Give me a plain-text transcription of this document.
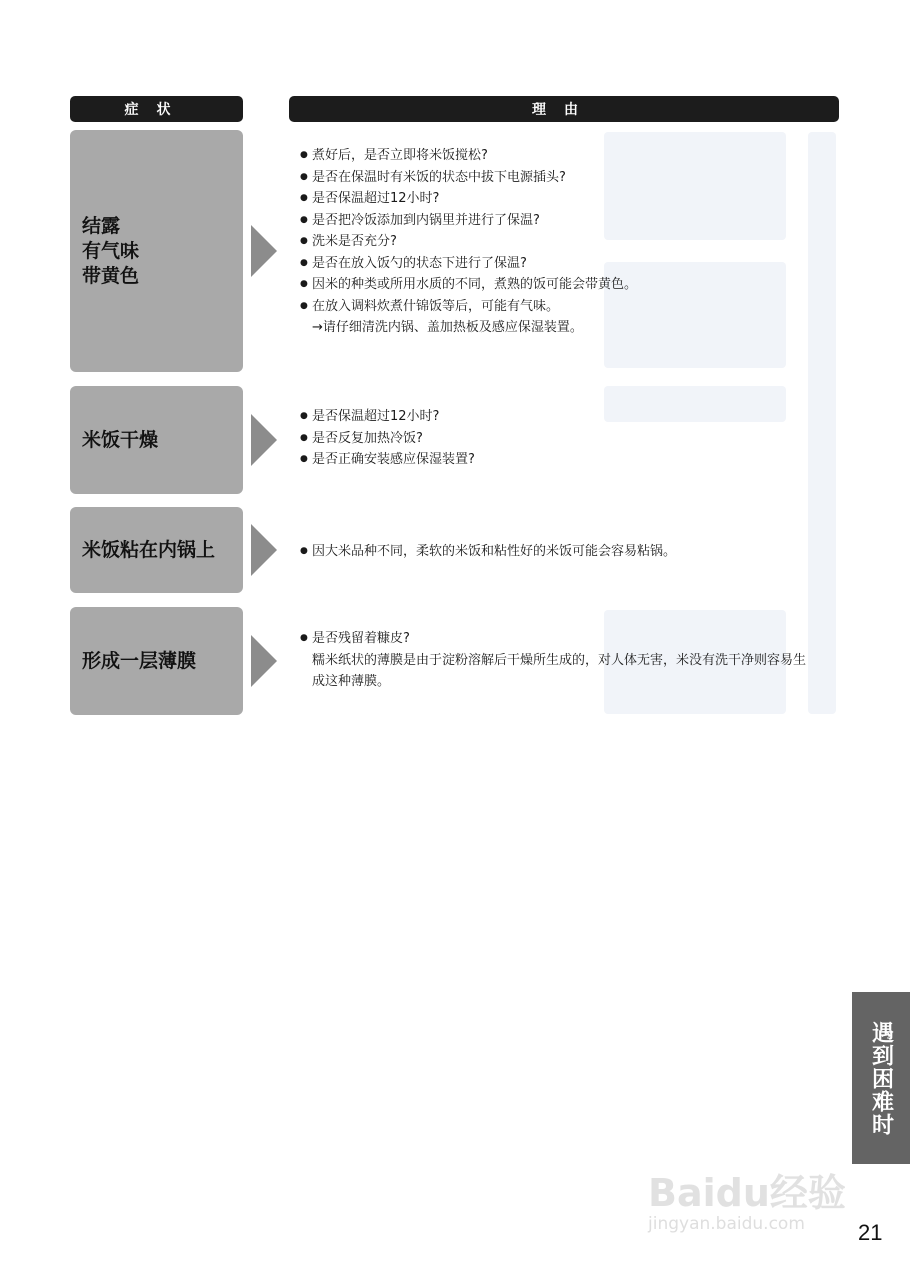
症状	理由
结露
有气味
带黄色
● 煮好后，是否立即将米饭搅松?
● 是否在保温时有米饭的状态中拔下电源插头?
● 是否保温超过12小时?
● 是否把冷饭添加到内锅里并进行了保温?
● 洗米是否充分?
● 是否在放入饭勺的状态下进行了保温?
● 因米的种类或所用水质的不同，煮熟的饭可能会带黄色。
● 在放入调料炊煮什锦饭等后，可能有气味。
→请仔细清洗内锅、盖加热板及感应保湿装置。
米饭干燥
● 是否保温超过12小时?
● 是否反复加热冷饭?
● 是否正确安装感应保湿装置?
米饭粘在内锅上
●	因大米品种不同，柔软的米饭和粘性好的米饭可能会容易粘锅。
形成一层薄膜
● 是否残留着糠皮?
糯米纸状的薄膜是由于淀粉溶解后干燥所生成的，对人体无害，米没有洗干净则容易生成这种薄膜。
遇到困难时
Baidu经验
jingyan.baidu.com 21
